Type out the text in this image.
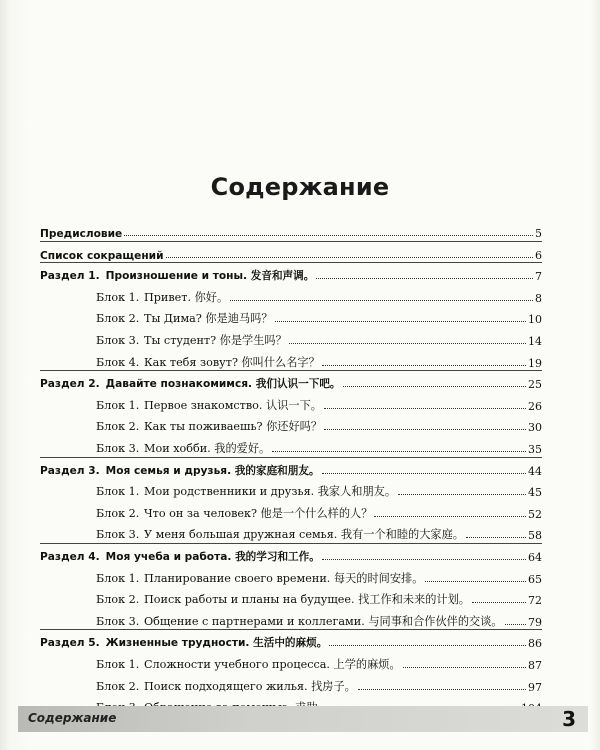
Содержание
Предисловие	5
Список сокращений	6
Раздел 1. Произношение и тоны. 发音和声调。	7
Блок 1. Привет. 你好。	8
Блок 2. Ты Дима? 你是迪马吗？	10
Блок 3. Ты студент? 你是学生吗？	14
Блок 4. Как тебя зовут? 你叫什么名字？	19
Раздел 2. Давайте познакомимся. 我们认识一下吧。	25
Блок 1. Первое знакомство. 认识一下。	26
Блок 2. Как ты поживаешь? 你还好吗？	30
Блок 3. Мои хобби. 我的爱好。	35
Раздел 3. Моя семья и друзья. 我的家庭和朋友。	44
Блок 1. Мои родственники и друзья. 我家人和朋友。	45
Блок 2. Что он за человек? 他是一个什么样的人？	52
Блок 3. У меня большая дружная семья. 我有一个和睦的大家庭。	58
Раздел 4. Моя учеба и работа. 我的学习和工作。	64
Блок 1. Планирование своего времени. 每天的时间安排。	65
Блок 2. Поиск работы и планы на будущее. 找工作和未来的计划。	72
Блок 3. Общение с партнерами и коллегами. 与同事和合作伙伴的交谈。 79
Раздел 5. Жизненные трудности. 生活中的麻烦。	86
Блок 1. Сложности учебного процесса. 上学的麻烦。	87
Блок 2. Поиск подходящего жилья. 找房子。	97
Содержание	3
